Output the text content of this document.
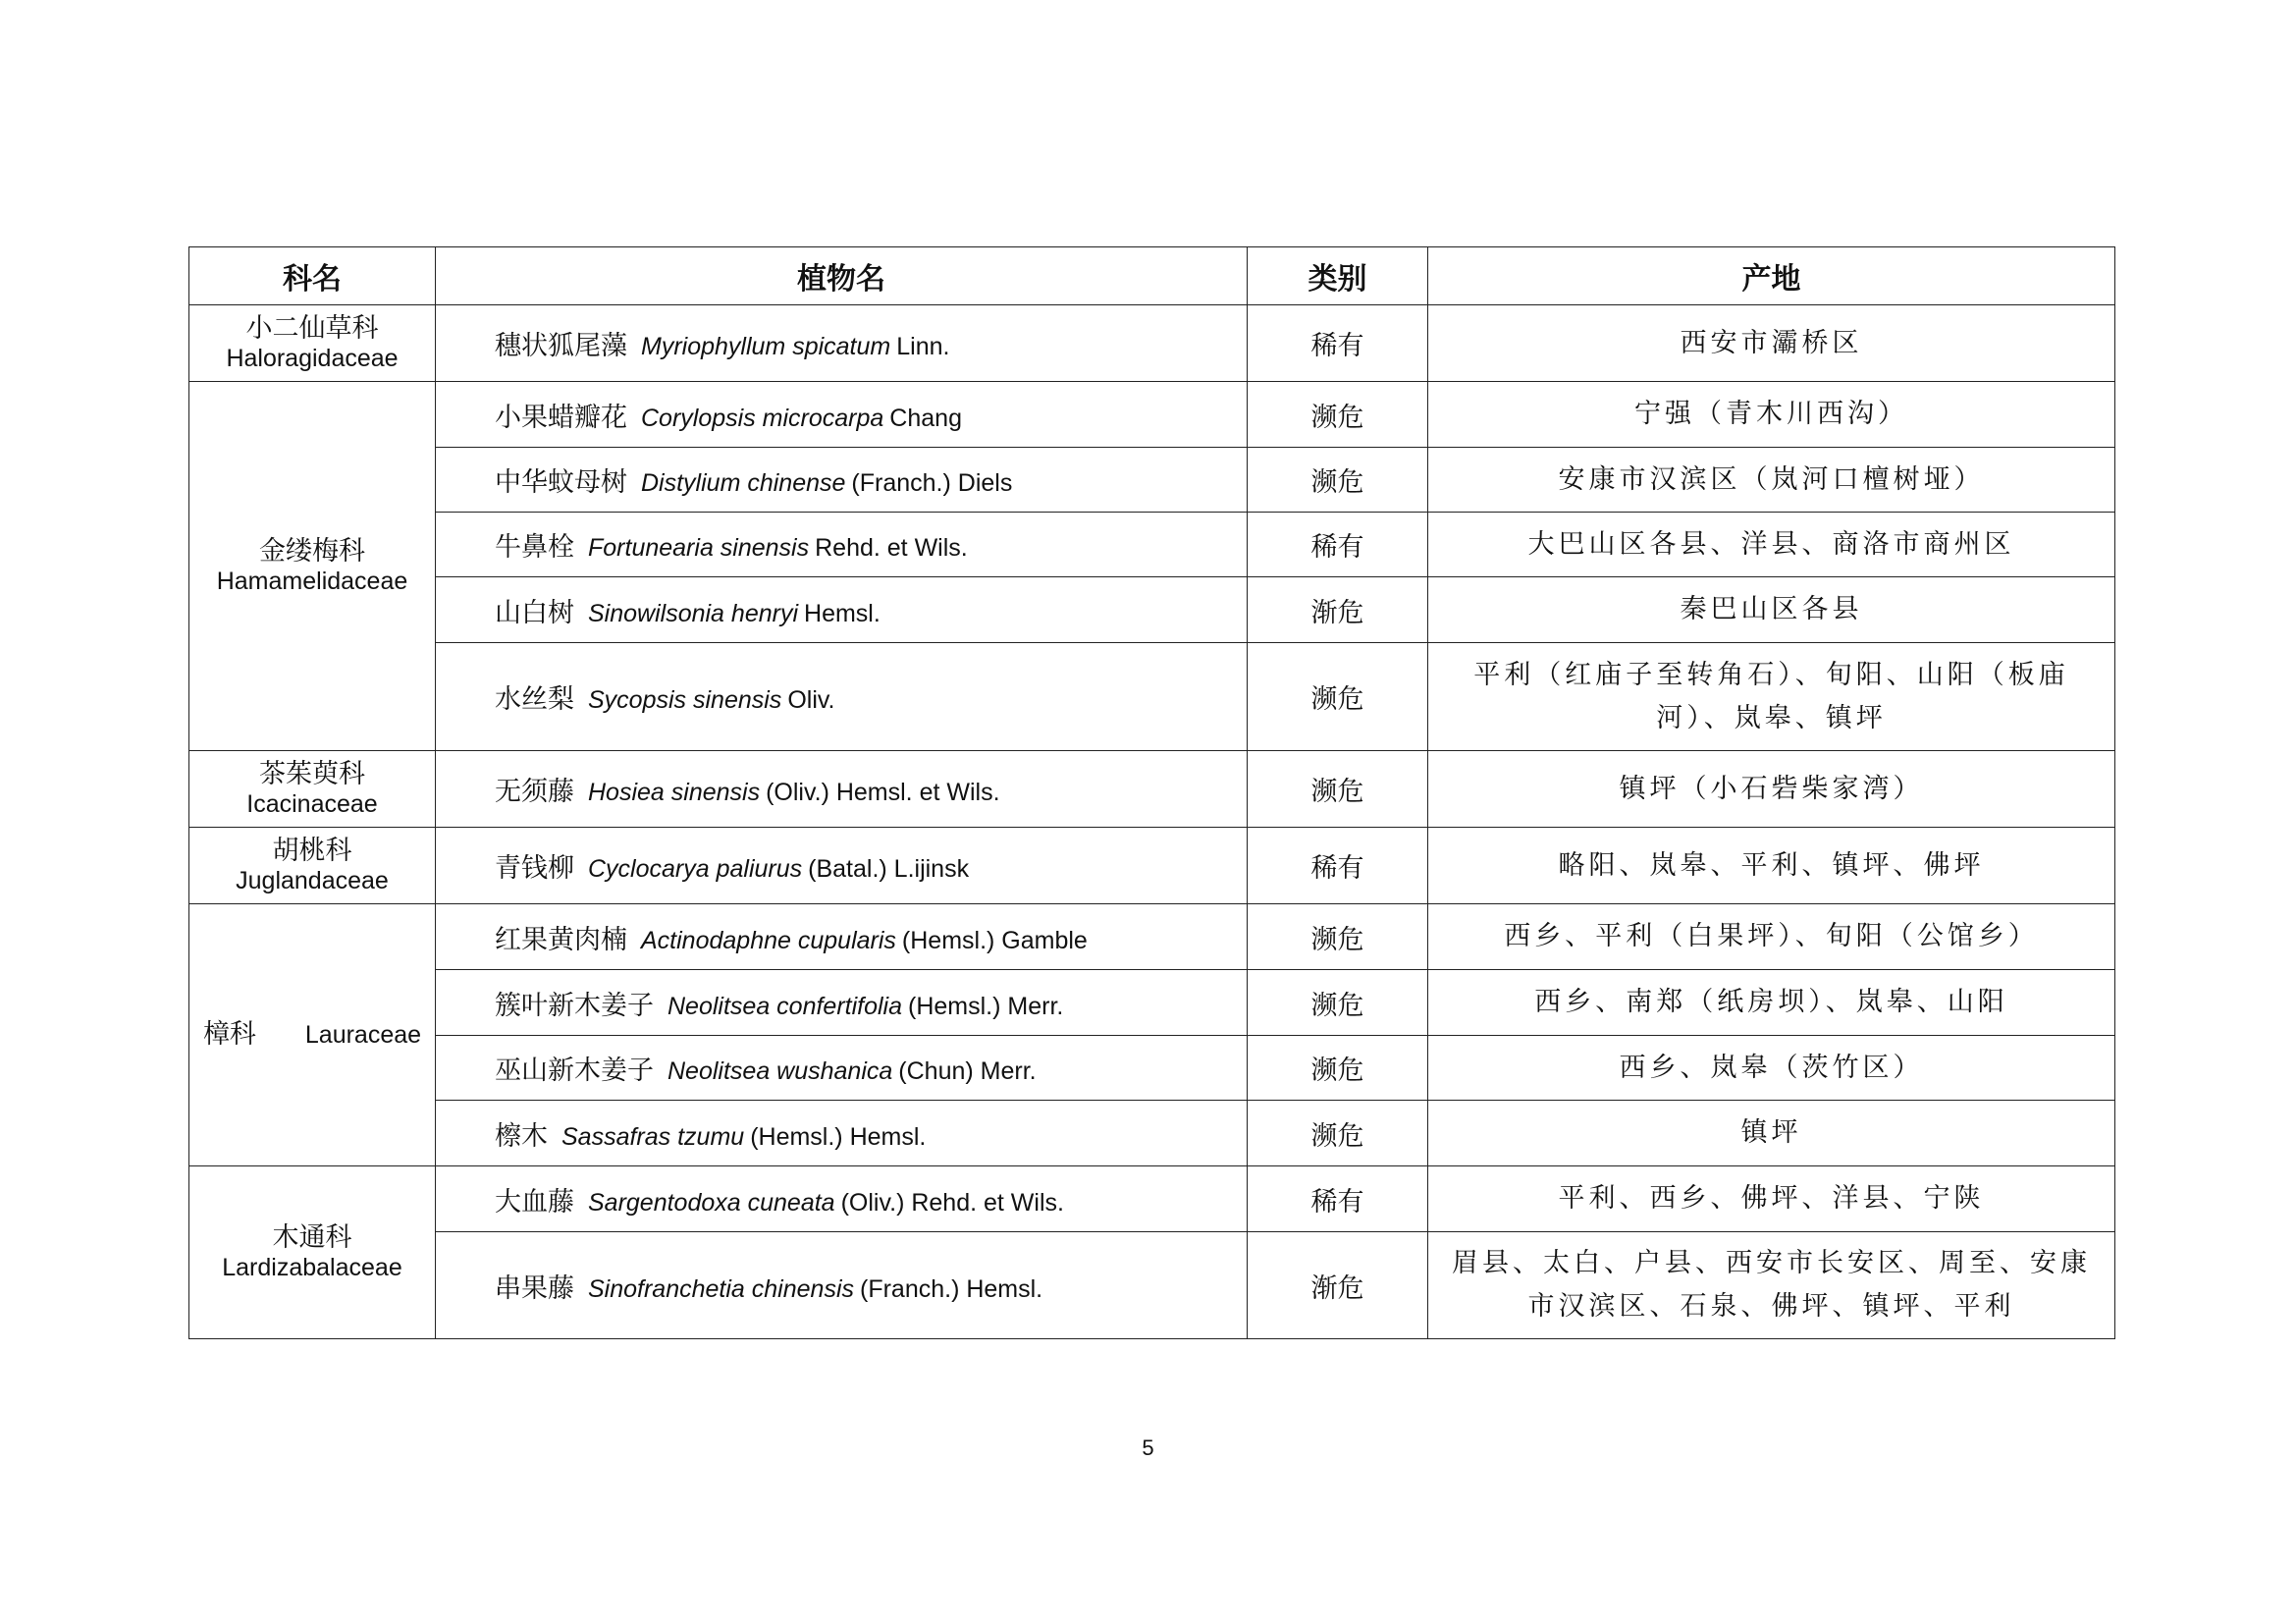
科名	植物名	类别	产地

小二仙草科
Haloragidaceae	穗状狐尾藻 Myriophyllum spicatum Linn.	稀有	西安市灞桥区

金缕梅科
Hamamelidaceae	小果蜡瓣花 Corylopsis microcarpa Chang	濒危	宁强（青木川西沟）
	中华蚊母树 Distylium chinense (Franch.) Diels	濒危	安康市汉滨区（岚河口檀树垭）
	牛鼻栓 Fortunearia sinensis Rehd. et Wils.	稀有	大巴山区各县、洋县、商洛市商州区
	山白树 Sinowilsonia henryi Hemsl.	渐危	秦巴山区各县
	水丝梨 Sycopsis sinensis Oliv.	濒危	平利（红庙子至转角石）、旬阳、山阳（板庙河）、岚皋、镇坪

茶茱萸科
Icacinaceae	无须藤 Hosiea sinensis (Oliv.) Hemsl. et Wils.	濒危	镇坪（小石砦柴家湾）

胡桃科
Juglandaceae	青钱柳 Cyclocarya paliurus (Batal.) L.ijinsk	稀有	略阳、岚皋、平利、镇坪、佛坪
樟科 Lauraceae	红果黄肉楠 Actinodaphne cupularis (Hemsl.) Gamble	濒危	西乡、平利（白果坪）、旬阳（公馆乡）
	簇叶新木姜子 Neolitsea confertifolia (Hemsl.) Merr.	濒危	西乡、南郑（纸房坝）、岚皋、山阳
	巫山新木姜子 Neolitsea wushanica (Chun) Merr.	濒危	西乡、岚皋（茨竹区）
	檫木 Sassafras tzumu (Hemsl.) Hemsl.	濒危	镇坪

木通科
Lardizabalaceae	大血藤 Sargentodoxa cuneata (Oliv.) Rehd. et Wils.	稀有	平利、西乡、佛坪、洋县、宁陕
	串果藤 Sinofranchetia chinensis (Franch.) Hemsl.	渐危	眉县、太白、户县、西安市长安区、周至、安康市汉滨区、石泉、佛坪、镇坪、平利
5
